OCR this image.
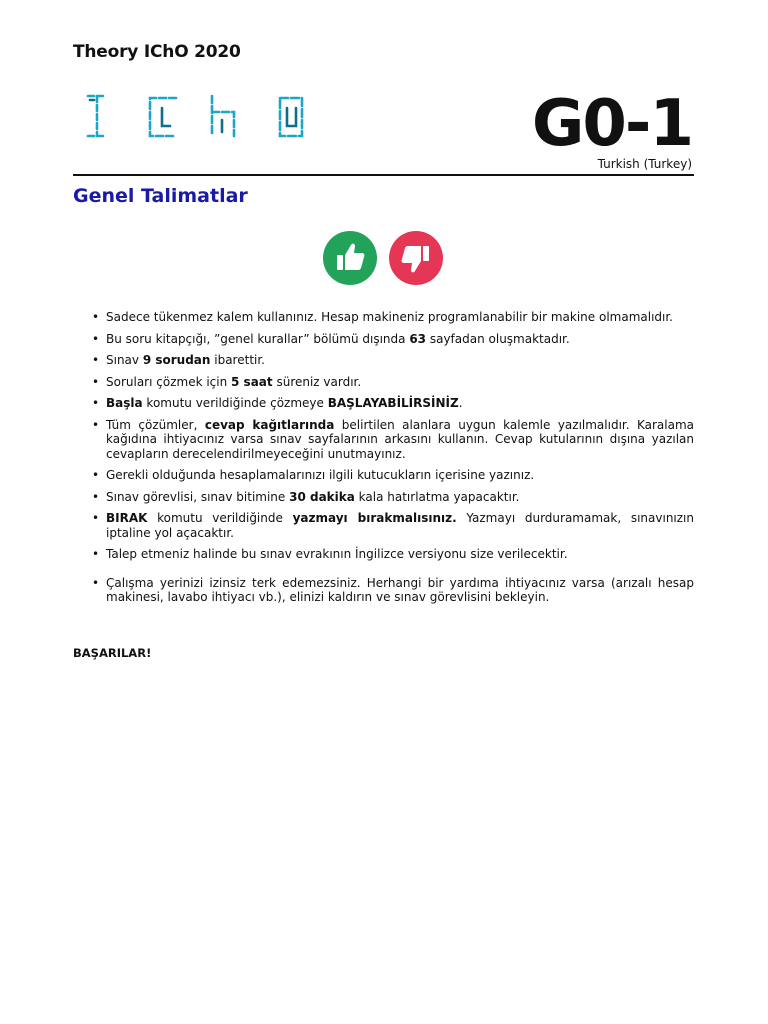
Theory IChO 2020
G0-1
Turkish (Turkey)
Genel Talimatlar
• Sadece tükenmez kalem kullanınız. Hesap makineniz programlanabilir bir makine olmamalıdır.
• Bu soru kitapçığı, ”genel kurallar” bölümü dışında 63 sayfadan oluşmaktadır.
• Sınav 9 sorudan ibarettir.
• Soruları çözmek için 5 saat süreniz vardır.
• Başla komutu verildiğinde çözmeye BAŞLAYABİLİRSİNİZ.
• Tüm çözümler, cevap kağıtlarında belirtilen alanlara uygun kalemle yazılmalıdır. Karalama kağıdına ihtiyacınız varsa sınav sayfalarının arkasını kullanın. Cevap kutularının dışına yazılan cevapların derecelendirilmeyeceğini unutmayınız.
• Gerekli olduğunda hesaplamalarınızı ilgili kutucukların içerisine yazınız.
• Sınav görevlisi, sınav bitimine 30 dakika kala hatırlatma yapacaktır.
• BIRAK komutu verildiğinde yazmayı bırakmalısınız. Yazmayı durduramamak, sınavınızın iptaline yol açacaktır.
• Talep etmeniz halinde bu sınav evrakının İngilizce versiyonu size verilecektir.
• Çalışma yerinizi izinsiz terk edemezsiniz. Herhangi bir yardıma ihtiyacınız varsa (arızalı hesap makinesi, lavabo ihtiyacı vb.), elinizi kaldırın ve sınav görevlisini bekleyin.
BAŞARILAR!
